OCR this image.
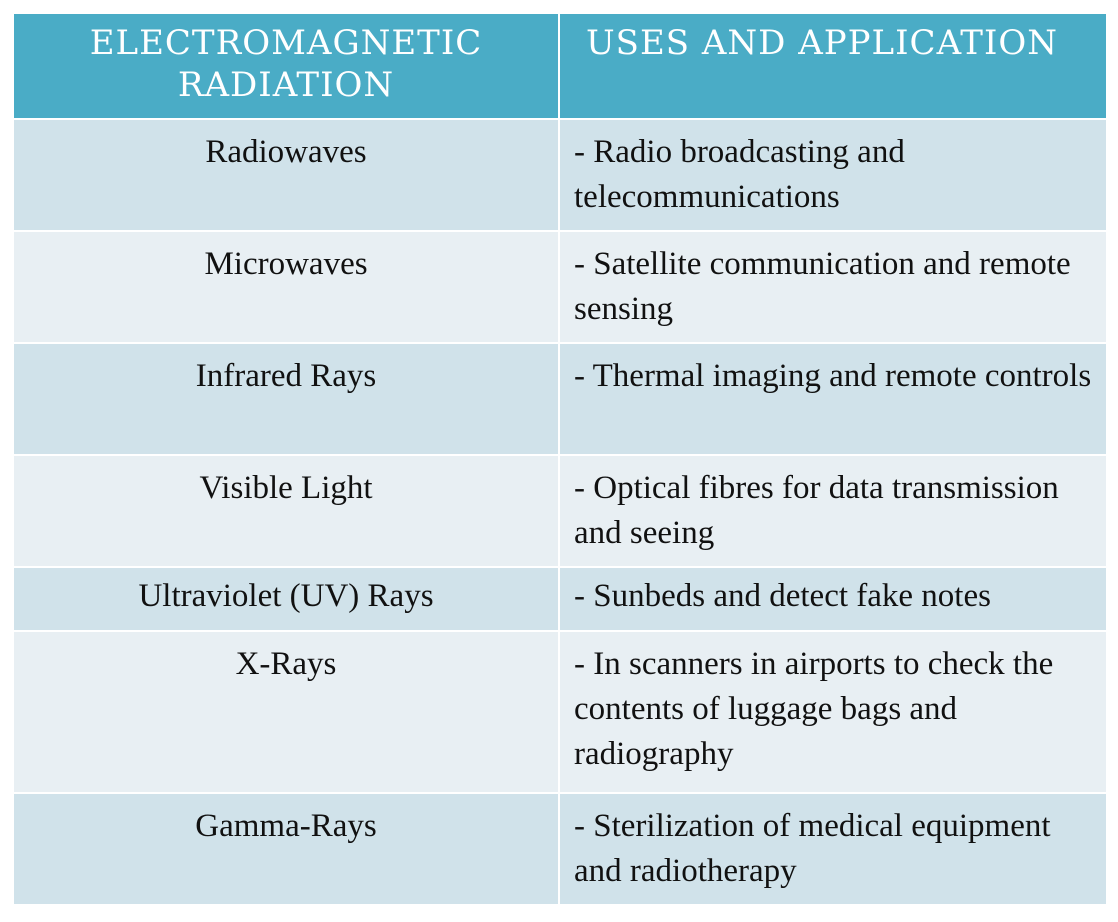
ELECTROMAGNETIC RADIATION	USES AND APPLICATION
Radiowaves	- Radio broadcasting and telecommunications
Microwaves	- Satellite communication and remote sensing
Infrared Rays	- Thermal imaging and remote controls
Visible Light	- Optical fibres for data transmission and seeing
Ultraviolet (UV) Rays	- Sunbeds and detect fake notes
X-Rays	- In scanners in airports to check the contents of luggage bags and radiography
Gamma-Rays	- Sterilization of medical equipment and radiotherapy
